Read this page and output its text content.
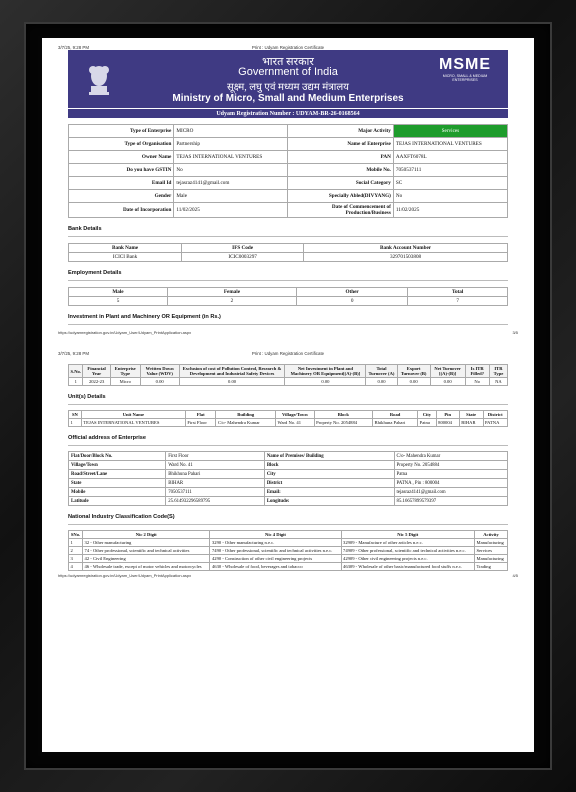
3/7/25, 9:28 PM	Print : Udyam Registration Certificate
भारत सरकार
Government of India
सूक्ष्म, लघु एवं मध्यम उद्यम मंत्रालय
Ministry of Micro, Small and Medium Enterprises
MSME
MICRO, SMALL & MEDIUM ENTERPRISES
Udyam Registration Number : UDYAM-BR-26-0168564
Type of Enterprise	MICRO	Major Activity	Services
Type of Organisation	Partnership	Name of Enterprise	TEJAS INTERNATIONAL VENTURES
Owner Name	TEJAS INTERNATIONAL VENTURES	PAN	AAXFT6078L
Do you have GSTIN	No	Mobile No.	7050537111
Email Id	tejasraz4141@gmail.com	Social Category	SC
Gender	Male	Specially Abled(DIVYANG)	No
Date of Incorporation	11/02/2025	Date of Commencement of Production/Business	11/02/2025
Bank Details
Bank Name	IFS Code	Bank Account Number
ICICI Bank	ICIC0003297	329701503808
Employment Details
Male	Female	Other	Total
5	2	0	7
Investment in Plant and Machinery OR Equipment (in Rs.)
https://udyamregistration.gov.in/Udyam_User/Udyam_PrintApplication.aspx	3/5
3/7/25, 9:28 PM	Print : Udyam Registration Certificate
S.No.	Financial Year	Enterprise Type	Written Down Value (WDV)	Exclusion of cost of Pollution Control, Research & Development and Industrial Safety Devices	Net Investment in Plant and Machinery OR Equipment[(A)-(B)]	Total Turnover (A)	Export Turnover (B)	Net Turnover [(A)-(B)]	Is ITR Filled?	ITR Type
1	2022-23	Micro	0.00	0.00	0.00	0.00	0.00	0.00	No	NA
Unit(s) Details
SN	Unit Name	Flat	Building	Village/Town	Block	Road	City	Pin	State	District
1	TEJAS INTERNATIONAL VENTURES	First Floor	C/o- Mahendra Kumar	Ward No. 41	Property No. 2054884	Bhikhuna Pahari	Patna	800004	BIHAR	PATNA
Official address of Enterprise
Flat/Door/Block No.	First Floor	Name of Premises/ Building	C/o- Mahendra Kumar
Village/Town	Ward No. 41	Block	Property No. 2054884
Road/Street/Lane	Bhikhuna Pahari	City	Patna
State	BIHAR	District	PATNA , Pin : 800004
Mobile	7050537111	Email:	tejasraz4141@gmail.com
Latitude	25.614932296589795	Longitude:	85.16657899579397
National Industry Classification Code(S)
SNo.	Nic 2 Digit	Nic 4 Digit	Nic 5 Digit	Activity
1	32 - Other manufacturing	3290 - Other manufacturing n.e.c.	32909 - Manufacture of other articles n.e.c.	Manufacturing
2	74 - Other professional, scientific and technical activities	7490 - Other professional, scientific and technical activities n.e.c.	74909 - Other professional, scientific and technical activities n.e.c.	Services
3	42 - Civil Engineering	4290 - Construction of other civil engineering projects	42909 - Other civil engineering projects n.e.c.	Manufacturing
4	46 - Wholesale trade, except of motor vehicles and motorcycles	4630 - Wholesale of food, beverages and tobacco	46309 - Wholesale of other basic/manufactured food stuffs n.e.c.	Trading
https://udyamregistration.gov.in/Udyam_User/Udyam_PrintApplication.aspx	4/5
